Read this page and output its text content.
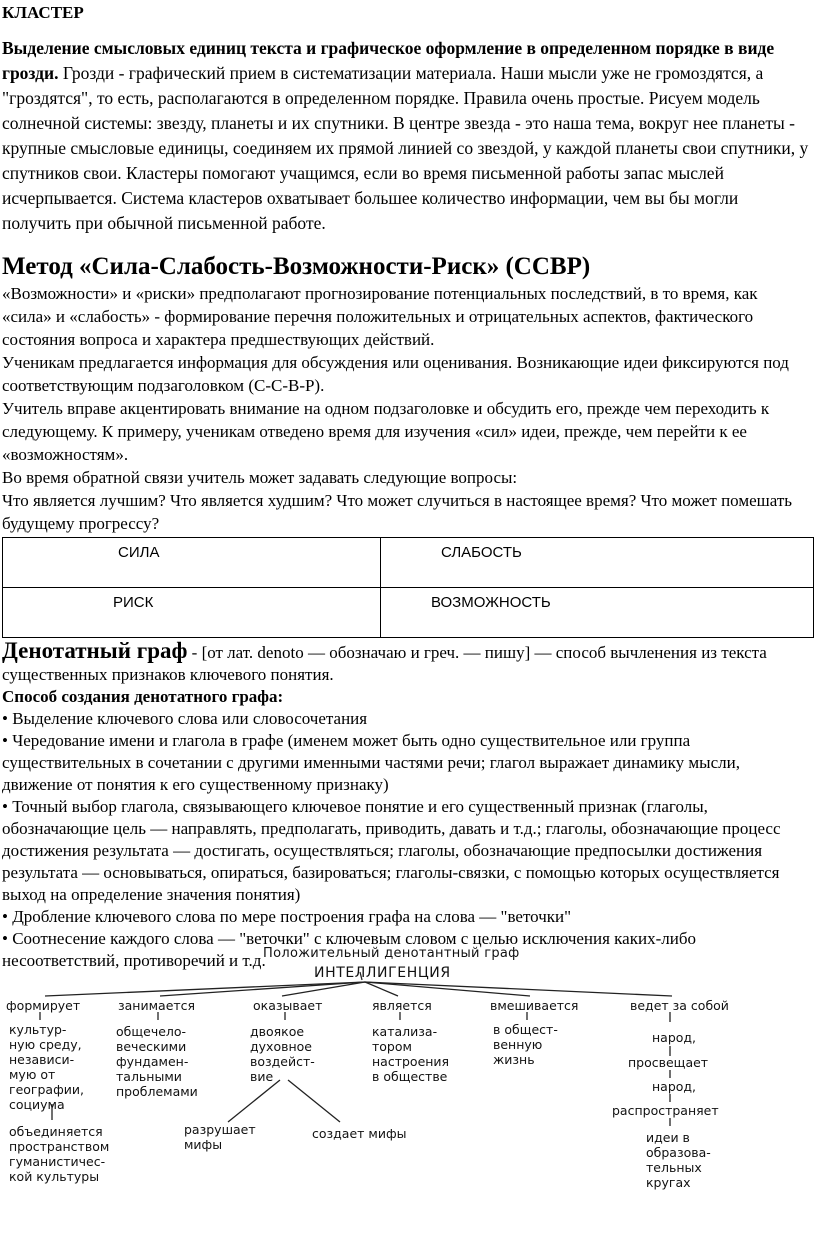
КЛАСТЕР

Выделение смысловых единиц текста и графическое оформление в определенном порядке в виде грозди. Грозди - графический прием в систематизации материала. Наши мысли уже не громоздятся, а "гроздятся", то есть, располагаются в определенном порядке. Правила очень простые. Рисуем модель солнечной системы: звезду, планеты и их спутники. В центре звезда - это наша тема, вокруг нее планеты - крупные смысловые единицы, соединяем их прямой линией со звездой, у каждой планеты свои спутники, у спутников свои. Кластеры помогают учащимся, если во время письменной работы запас мыслей исчерпывается. Система кластеров охватывает большее количество информации, чем вы бы могли получить при обычной письменной работе.

Метод «Сила-Слабость-Возможности-Риск» (ССВР)

«Возможности» и «риски» предполагают прогнозирование потенциальных последствий, в то время, как «сила» и «слабость» - формирование перечня положительных и отрицательных аспектов, фактического состояния вопроса и характера предшествующих действий.

Ученикам предлагается информация для обсуждения или оценивания. Возникающие идеи фиксируются под соответствующим подзаголовком (С-С-В-Р).

Учитель вправе акцентировать внимание на одном подзаголовке и обсудить его, прежде чем переходить к следующему. К примеру, ученикам отведено время для изучения «сил» идеи, прежде, чем перейти к ее «возможностям».

Во время обратной связи учитель может задавать следующие вопросы:

Что является лучшим? Что является худшим? Что может случиться в настоящее время? Что может помешать будущему прогрессу?

СИЛА	СЛАБОСТЬ
РИСК	ВОЗМОЖНОСТЬ

Денотатный граф - [от лат. denoto — обозначаю и греч. — пишу] — способ вычленения из текста существенных признаков ключевого понятия.

Способ создания денотатного графа:

• Выделение ключевого слова или словосочетания

• Чередование имени и глагола в графе (именем может быть одно существительное или группа существительных в сочетании с другими именными частями речи; глагол выражает динамику мысли, движение от понятия к его существенному признаку)

• Точный выбор глагола, связывающего ключевое понятие и его существенный признак (глаголы, обозначающие цель — направлять, предполагать, приводить, давать и т.д.; глаголы, обозначающие процесс достижения результата — достигать, осуществляться; глаголы, обозначающие предпосылки достижения результата — основываться, опираться, базироваться; глаголы-связки, с помощью которых осуществляется выход на определение значения понятия)

• Дробление ключевого слова по мере построения графа на слова — "веточки"

• Соотнесение каждого слова — "веточки" с ключевым словом с целью исключения каких-либо несоответствий, противоречий и т.д.

Положительный денотантный граф
ИНТЕЛЛИГЕНЦИЯ
формирует	занимается	оказывает	является	вмешивается	ведет за собой
культур-
ную среду,
независи-
мую от
географии,
социума
общечело-
веческими
фундамен-
тальными
проблемами
двоякое
духовное
воздейст-
вие
катализа-
тором
настроения
в обществе
в общест-
венную
жизнь
объединяется
пространством
гуманистичес-
кой культуры
разрушает
мифы
создает мифы
народ,
просвещает
народ,
распространяет
идеи в
образова-
тельных
кругах
